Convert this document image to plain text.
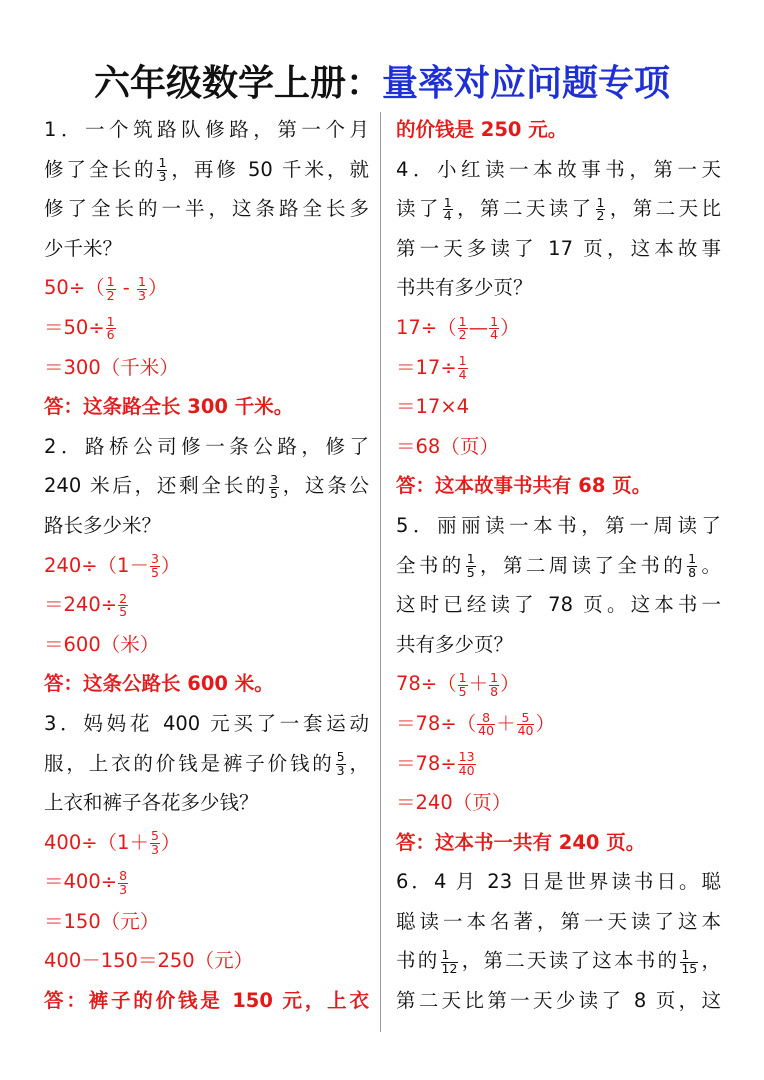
六年级数学上册：量率对应问题专项
1．一个筑路队修路，第一个月
修了全长的 $\frac{1}{3}$ ，再修 50 千米，就
修了全长的一半，这条路全长多
少千米？
$50\div( \frac{1}{2} - \frac{1}{3}$ ）
$=50\div \frac{1}{6}$
＝300（千米）
答：这条路全长 300 千米。
2．路桥公司修一条公路，修了
240 米后，还剩全长的 $\frac{3}{5}$ ，这条公
路长多少米？
$240\div(1- \frac{3}{5}$ ）
$=240\div \frac{2}{5}$
＝600（米）
答：这条公路长 600 米。
3．妈妈花 400 元买了一套运动
服，上衣的价钱是裤子价钱的 $\frac{5}{3}$ ，
上衣和裤子各花多少钱？
$400\div(1+ \frac{5}{3}$ ）
$=400\div \frac{8}{3}$
＝150（元）
400－150＝250（元）
答：裤子的价钱是 150 元，上衣
的价钱是 250 元。
4．小红读一本故事书，第一天
读了 $\frac{1}{4}$ ，第二天读了 $\frac{1}{2}$ ，第二天比
第一天多读了 17 页，这本故事
书共有多少页？
$17\div( \frac{1}{2}$ — $\frac{1}{4}$ ）
$=17\div \frac{1}{4}$
＝17×4
＝68（页）
答：这本故事书共有 68 页。
5．丽丽读一本书，第一周读了
全书的 $\frac{1}{5}$ ，第二周读了全书的 $\frac{1}{8}$ 。
这时已经读了 78 页。这本书一
共有多少页？
$78\div( \frac{1}{5} + \frac{1}{8}$ ）
$=78\div( \frac{8}{40} + \frac{5}{40}$ ）
$=78\div \frac{13}{40}$
＝240（页）
答：这本书一共有 240 页。
6．4 月 23 日是世界读书日。聪
聪读一本名著，第一天读了这本
书的 $\frac{1}{12}$ ，第二天读了这本书的 $\frac{1}{15}$ ，
第二天比第一天少读了 8 页，这
